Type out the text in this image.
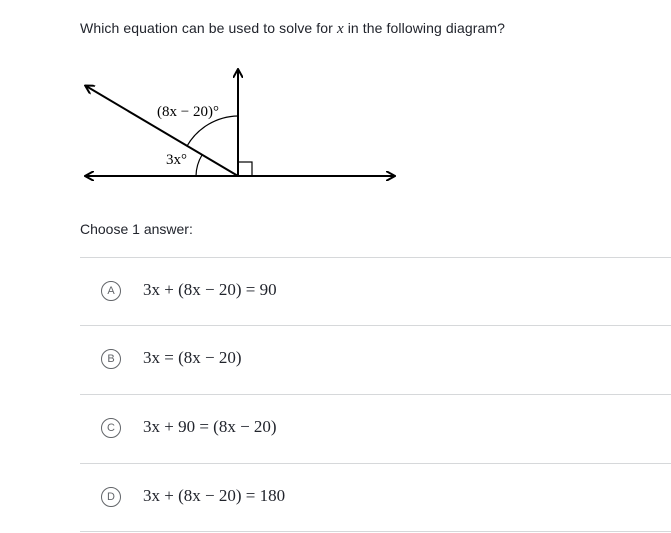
Which equation can be used to solve for x in the following diagram?
(8x − 20)°
3x°
Choose 1 answer:
A	3x + (8x − 20) = 90
B	3x = (8x − 20)
C	3x + 90 = (8x − 20)
D	3x + (8x − 20) = 180
